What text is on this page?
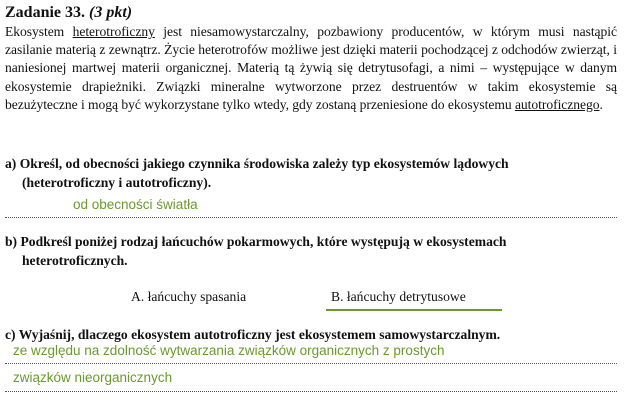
Zadanie 33. (3 pkt)
Ekosystem heterotroficzny jest niesamowystarczalny, pozbawiony producentów, w którym musi nastąpić zasilanie materią z zewnątrz. Życie heterotrofów możliwe jest dzięki materii pochodzącej z odchodów zwierząt, i naniesionej martwej materii organicznej. Materią tą żywią się detrytusofagi, a nimi – występujące w danym ekosystemie drapieżniki. Związki mineralne wytworzone przez destruentów w takim ekosystemie są bezużyteczne i mogą być wykorzystane tylko wtedy, gdy zostaną przeniesione do ekosystemu autotroficznego.
a) Określ, od obecności jakiego czynnika środowiska zależy typ ekosystemów lądowych
(heterotroficzny i autotroficzny).
od obecności światła
b) Podkreśl poniżej rodzaj łańcuchów pokarmowych, które występują w ekosystemach
heterotroficznych.
A. łańcuchy spasania	B. łańcuchy detrytusowe
c) Wyjaśnij, dlaczego ekosystem autotroficzny jest ekosystemem samowystarczalnym.
ze względu na zdolność wytwarzania związków organicznych z prostych
związków nieorganicznych
